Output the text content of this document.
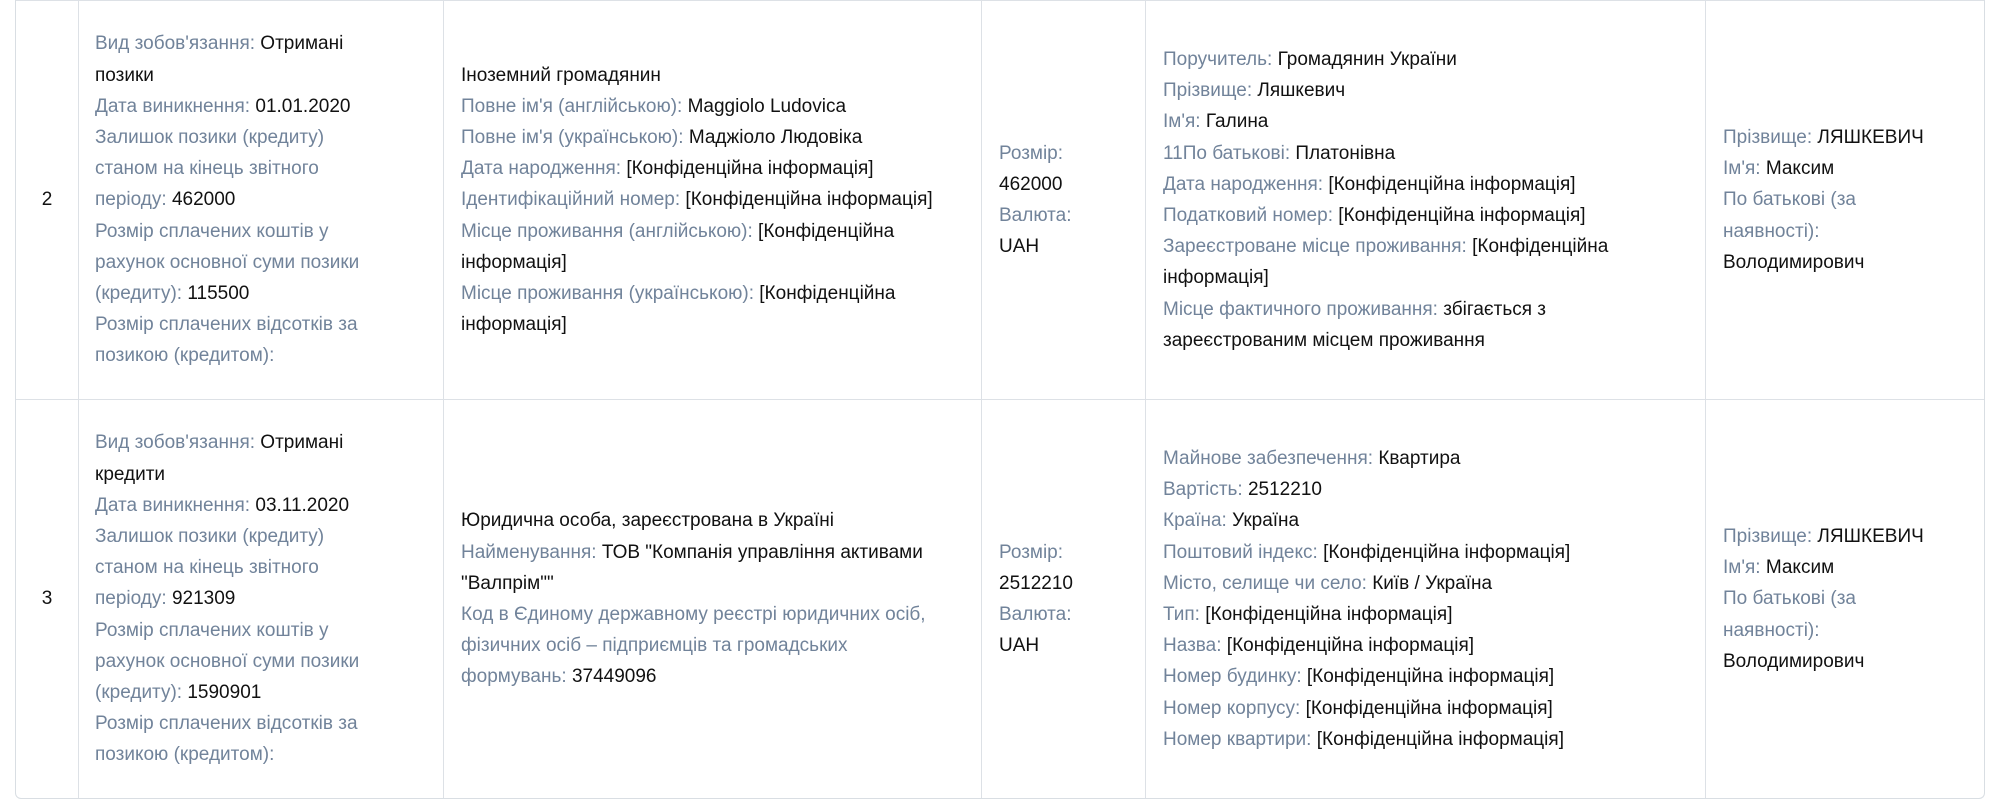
2
Вид зобов'язання: Отримані позики
Дата виникнення: 01.01.2020
Залишок позики (кредиту) станом на кінець звітного періоду: 462000
Розмір сплачених коштів у рахунок основної суми позики (кредиту): 115500
Розмір сплачених відсотків за позикою (кредитом):
Іноземний громадянин
Повне ім'я (англійською): Maggiolo Ludovica
Повне ім'я (українською): Маджіоло Людовіка
Дата народження: [Конфіденційна інформація]
Ідентифікаційний номер: [Конфіденційна інформація]
Місце проживання (англійською): [Конфіденційна інформація]
Місце проживання (українською): [Конфіденційна інформація]
Розмір:
462000
Валюта:
UAH
Поручитель: Громадянин України
Прізвище: Ляшкевич
Ім'я: Галина
11По батькові: Платонівна
Дата народження: [Конфіденційна інформація]
Податковий номер: [Конфіденційна інформація]
Зареєстроване місце проживання: [Конфіденційна інформація]
Місце фактичного проживання: збігається з зареєстрованим місцем проживання
Прізвище: ЛЯШКЕВИЧ
Ім'я: Максим
По батькові (за наявності): Володимирович
3
Вид зобов'язання: Отримані кредити
Дата виникнення: 03.11.2020
Залишок позики (кредиту) станом на кінець звітного періоду: 921309
Розмір сплачених коштів у рахунок основної суми позики (кредиту): 1590901
Розмір сплачених відсотків за позикою (кредитом):
Юридична особа, зареєстрована в Україні
Найменування: ТОВ "Компанія управління активами "Валпрім""
Код в Єдиному державному реєстрі юридичних осіб, фізичних осіб – підприємців та громадських формувань: 37449096
Розмір:
2512210
Валюта:
UAH
Майнове забезпечення: Квартира
Вартість: 2512210
Країна: Україна
Поштовий індекс: [Конфіденційна інформація]
Місто, селище чи село: Київ / Україна
Тип: [Конфіденційна інформація]
Назва: [Конфіденційна інформація]
Номер будинку: [Конфіденційна інформація]
Номер корпусу: [Конфіденційна інформація]
Номер квартири: [Конфіденційна інформація]
Прізвище: ЛЯШКЕВИЧ
Ім'я: Максим
По батькові (за наявності): Володимирович
